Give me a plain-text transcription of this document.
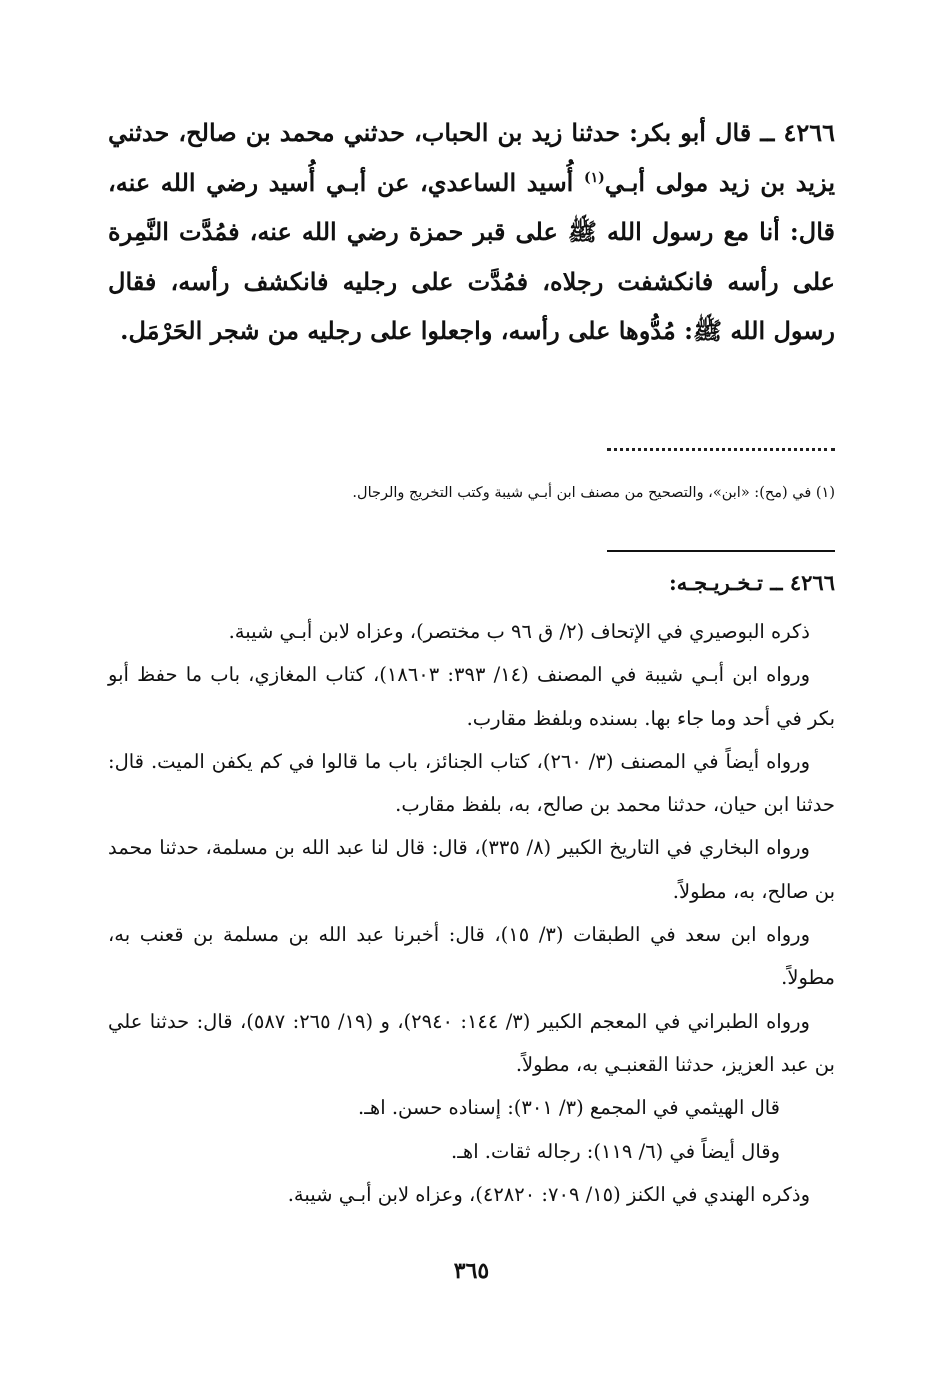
٤٢٦٦ ــ قال أبو بكر: حدثنا زيد بن الحباب، حدثني محمد بن صالح، حدثني يزيد بن زيد مولى أبـي$^{(١)}$ أُسيد الساعدي، عن أبـي أُسيد رضي الله عنه، قال: أنا مع رسول الله ﷺ على قبر حمزة رضي الله عنه، فمُدَّت النَّمِرة على رأسه فانكشفت رجلاه، فمُدَّت على رجليه فانكشف رأسه، فقال رسول الله ﷺ: مُدُّوها على رأسه، واجعلوا على رجليه من شجر الحَرْمَل.
(١) في (مح): «ابن»، والتصحيح من مصنف ابن أبـي شيبة وكتب التخريج والرجال.
٤٢٦٦ ــ تـخـريـجـه:

ذكره البوصيري في الإتحاف (٢/ ق ٩٦ ب مختصر)، وعزاه لابن أبـي شيبة.

ورواه ابن أبـي شيبة في المصنف (١٤/ ٣٩٣: ١٨٦٠٣)، كتاب المغازي، باب ما حفظ أبو بكر في أحد وما جاء بها. بسنده وبلفظ مقارب.

ورواه أيضاً في المصنف (٣/ ٢٦٠)، كتاب الجنائز، باب ما قالوا في كم يكفن الميت. قال: حدثنا ابن حيان، حدثنا محمد بن صالح، به، بلفظ مقارب.

ورواه البخاري في التاريخ الكبير (٨/ ٣٣٥)، قال: قال لنا عبد الله بن مسلمة، حدثنا محمد بن صالح، به، مطولاً.

ورواه ابن سعد في الطبقات (٣/ ١٥)، قال: أخبرنا عبد الله بن مسلمة بن قعنب به، مطولاً.

ورواه الطبراني في المعجم الكبير (٣/ ١٤٤: ٢٩٤٠)، و (١٩/ ٢٦٥: ٥٨٧)، قال: حدثنا علي بن عبد العزيز، حدثنا القعنبـي به، مطولاً.

قال الهيثمي في المجمع (٣/ ٣٠١): إسناده حسن. اهـ.

وقال أيضاً في (٦/ ١١٩): رجاله ثقات. اهـ.

وذكره الهندي في الكنز (١٥/ ٧٠٩: ٤٢٨٢٠)، وعزاه لابن أبـي شيبة.

٣٦٥
